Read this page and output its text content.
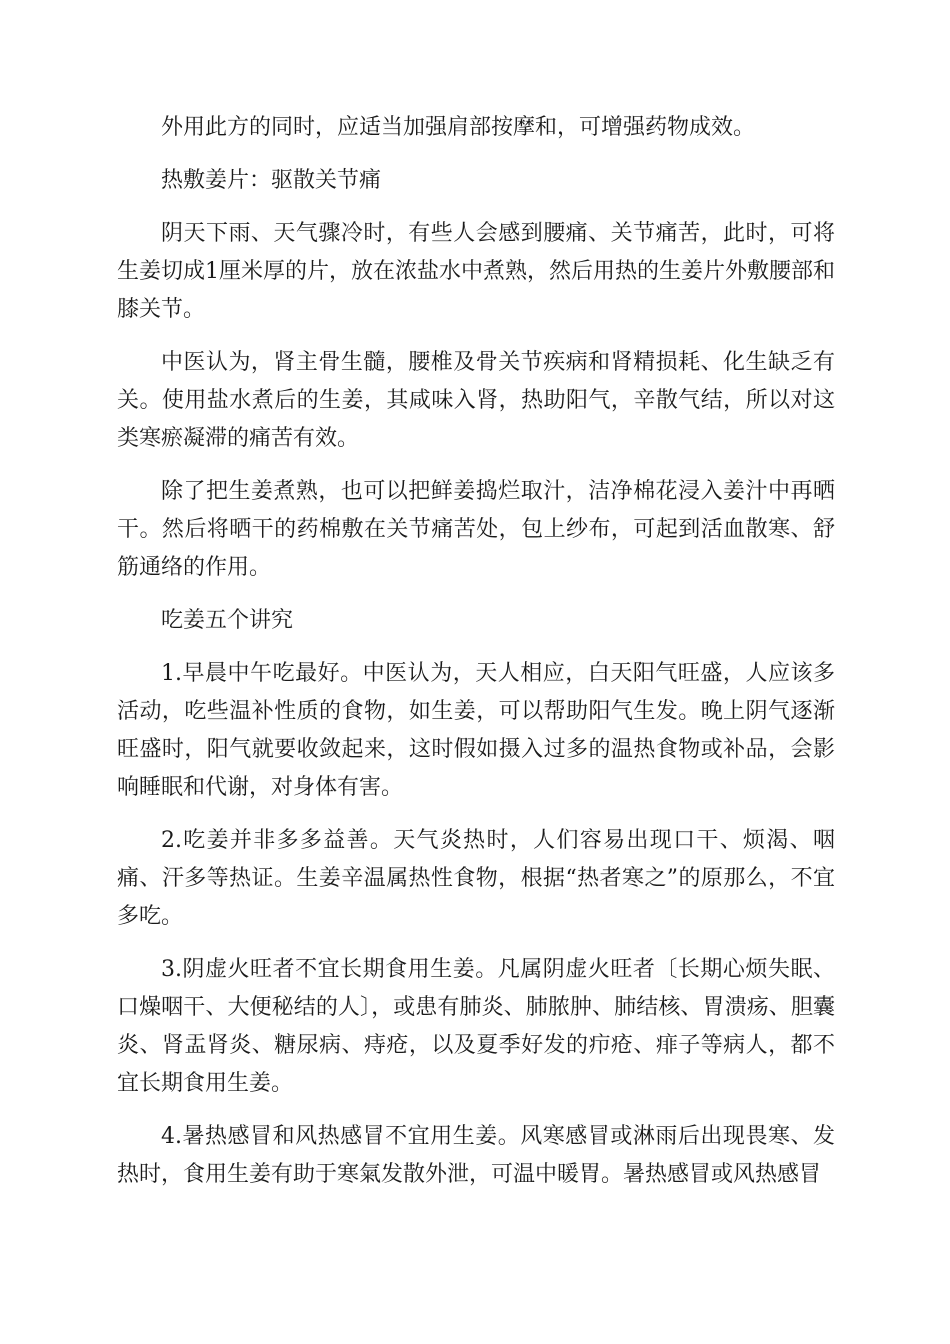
外用此方的同时，应适当加强肩部按摩和，可增强药物成效。

热敷姜片：驱散关节痛

阴天下雨、天气骤冷时，有些人会感到腰痛、关节痛苦，此时，可将生姜切成1厘米厚的片，放在浓盐水中煮熟，然后用热的生姜片外敷腰部和膝关节。

中医认为，肾主骨生髓，腰椎及骨关节疾病和肾精损耗、化生缺乏有关。使用盐水煮后的生姜，其咸味入肾，热助阳气，辛散气结，所以对这类寒瘀凝滞的痛苦有效。

除了把生姜煮熟，也可以把鲜姜捣烂取汁，洁净棉花浸入姜汁中再晒干。然后将晒干的药棉敷在关节痛苦处，包上纱布，可起到活血散寒、舒筋通络的作用。

吃姜五个讲究

1.早晨中午吃最好。中医认为，天人相应，白天阳气旺盛，人应该多活动，吃些温补性质的食物，如生姜，可以帮助阳气生发。晚上阴气逐渐旺盛时，阳气就要收敛起来，这时假如摄入过多的温热食物或补品，会影响睡眠和代谢，对身体有害。

2.吃姜并非多多益善。天气炎热时，人们容易出现口干、烦渴、咽痛、汗多等热证。生姜辛温属热性食物，根据“热者寒之”的原那么，不宜多吃。

3.阴虚火旺者不宜长期食用生姜。凡属阴虚火旺者〔长期心烦失眠、口燥咽干、大便秘结的人〕，或患有肺炎、肺脓肿、肺结核、胃溃疡、胆囊炎、肾盂肾炎、糖尿病、痔疮，以及夏季好发的疖疮、痱子等病人，都不宜长期食用生姜。

4.暑热感冒和风热感冒不宜用生姜。风寒感冒或淋雨后出现畏寒、发热时，食用生姜有助于寒氣发散外泄，可温中暖胃。暑热感冒或风热感冒
